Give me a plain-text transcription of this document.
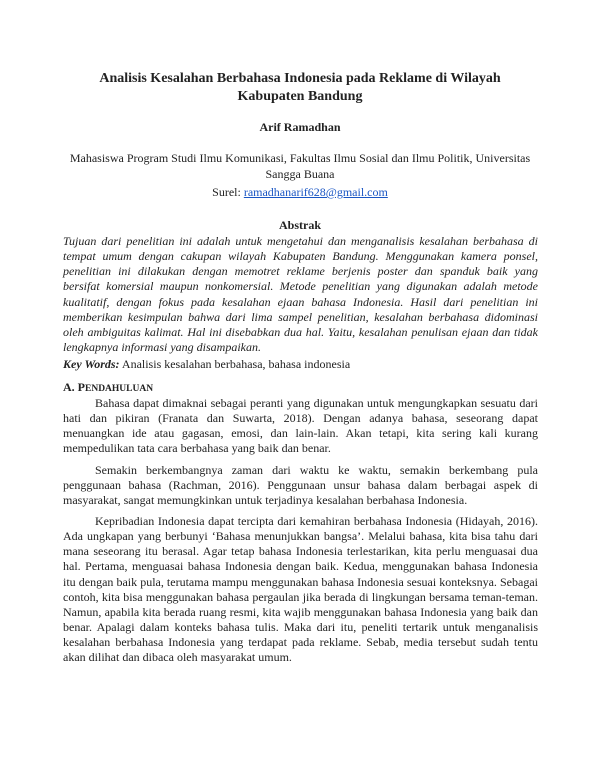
Analisis Kesalahan Berbahasa Indonesia pada Reklame di Wilayah
Kabupaten Bandung
Arif Ramadhan
Mahasiswa Program Studi Ilmu Komunikasi, Fakultas Ilmu Sosial dan Ilmu Politik, Universitas
Sangga Buana
Surel: ramadhanarif628@gmail.com
Abstrak
Tujuan dari penelitian ini adalah untuk mengetahui dan menganalisis kesalahan berbahasa di
tempat umum dengan cakupan wilayah Kabupaten Bandung. Menggunakan kamera ponsel,
penelitian ini dilakukan dengan memotret reklame berjenis poster dan spanduk baik yang
bersifat komersial maupun nonkomersial. Metode penelitian yang digunakan adalah metode
kualitatif, dengan fokus pada kesalahan ejaan bahasa Indonesia. Hasil dari penelitian ini
memberikan kesimpulan bahwa dari lima sampel penelitian, kesalahan berbahasa didominasi
oleh ambiguitas kalimat. Hal ini disebabkan dua hal. Yaitu, kesalahan penulisan ejaan dan tidak
lengkapnya informasi yang disampaikan.
Key Words: Analisis kesalahan berbahasa, bahasa indonesia
A. PENDAHULUAN
Bahasa dapat dimaknai sebagai peranti yang digunakan untuk mengungkapkan sesuatu dari
hati dan pikiran (Franata dan Suwarta, 2018). Dengan adanya bahasa, seseorang dapat
menuangkan ide atau gagasan, emosi, dan lain-lain. Akan tetapi, kita sering kali kurang
mempedulikan tata cara berbahasa yang baik dan benar.
Semakin berkembangnya zaman dari waktu ke waktu, semakin berkembang pula
penggunaan bahasa (Rachman, 2016). Penggunaan unsur bahasa dalam berbagai aspek di
masyarakat, sangat memungkinkan untuk terjadinya kesalahan berbahasa Indonesia.
Kepribadian Indonesia dapat tercipta dari kemahiran berbahasa Indonesia (Hidayah, 2016).
Ada ungkapan yang berbunyi ‘Bahasa menunjukkan bangsa’. Melalui bahasa, kita bisa tahu dari
mana seseorang itu berasal. Agar tetap bahasa Indonesia terlestarikan, kita perlu menguasai dua
hal. Pertama, menguasai bahasa Indonesia dengan baik. Kedua, menggunakan bahasa Indonesia
itu dengan baik pula, terutama mampu menggunakan bahasa Indonesia sesuai konteksnya. Sebagai
contoh, kita bisa menggunakan bahasa pergaulan jika berada di lingkungan bersama teman-teman.
Namun, apabila kita berada ruang resmi, kita wajib menggunakan bahasa Indonesia yang baik dan
benar. Apalagi dalam konteks bahasa tulis. Maka dari itu, peneliti tertarik untuk menganalisis
kesalahan berbahasa Indonesia yang terdapat pada reklame. Sebab, media tersebut sudah tentu
akan dilihat dan dibaca oleh masyarakat umum.
